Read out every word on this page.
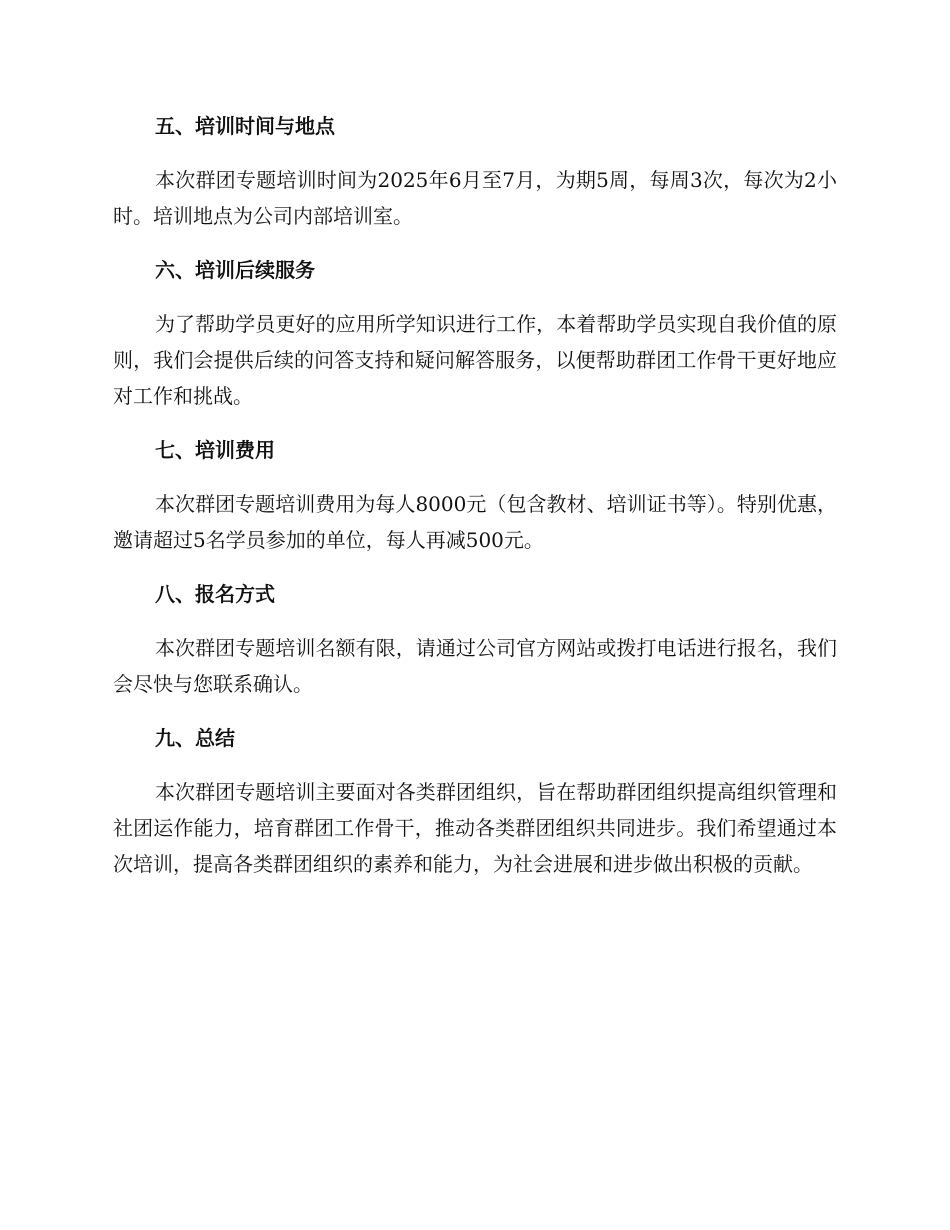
五、培训时间与地点

本次群团专题培训时间为2025年6月至7月，为期5周，每周3次，每次为2小时。培训地点为公司内部培训室。

六、培训后续服务

为了帮助学员更好的应用所学知识进行工作，本着帮助学员实现自我价值的原则，我们会提供后续的问答支持和疑问解答服务，以便帮助群团工作骨干更好地应对工作和挑战。

七、培训费用

本次群团专题培训费用为每人8000元（包含教材、培训证书等）。特别优惠，邀请超过5名学员参加的单位，每人再减500元。

八、报名方式

本次群团专题培训名额有限，请通过公司官方网站或拨打电话进行报名，我们会尽快与您联系确认。

九、总结

本次群团专题培训主要面对各类群团组织，旨在帮助群团组织提高组织管理和社团运作能力，培育群团工作骨干，推动各类群团组织共同进步。我们希望通过本次培训，提高各类群团组织的素养和能力，为社会进展和进步做出积极的贡献。
